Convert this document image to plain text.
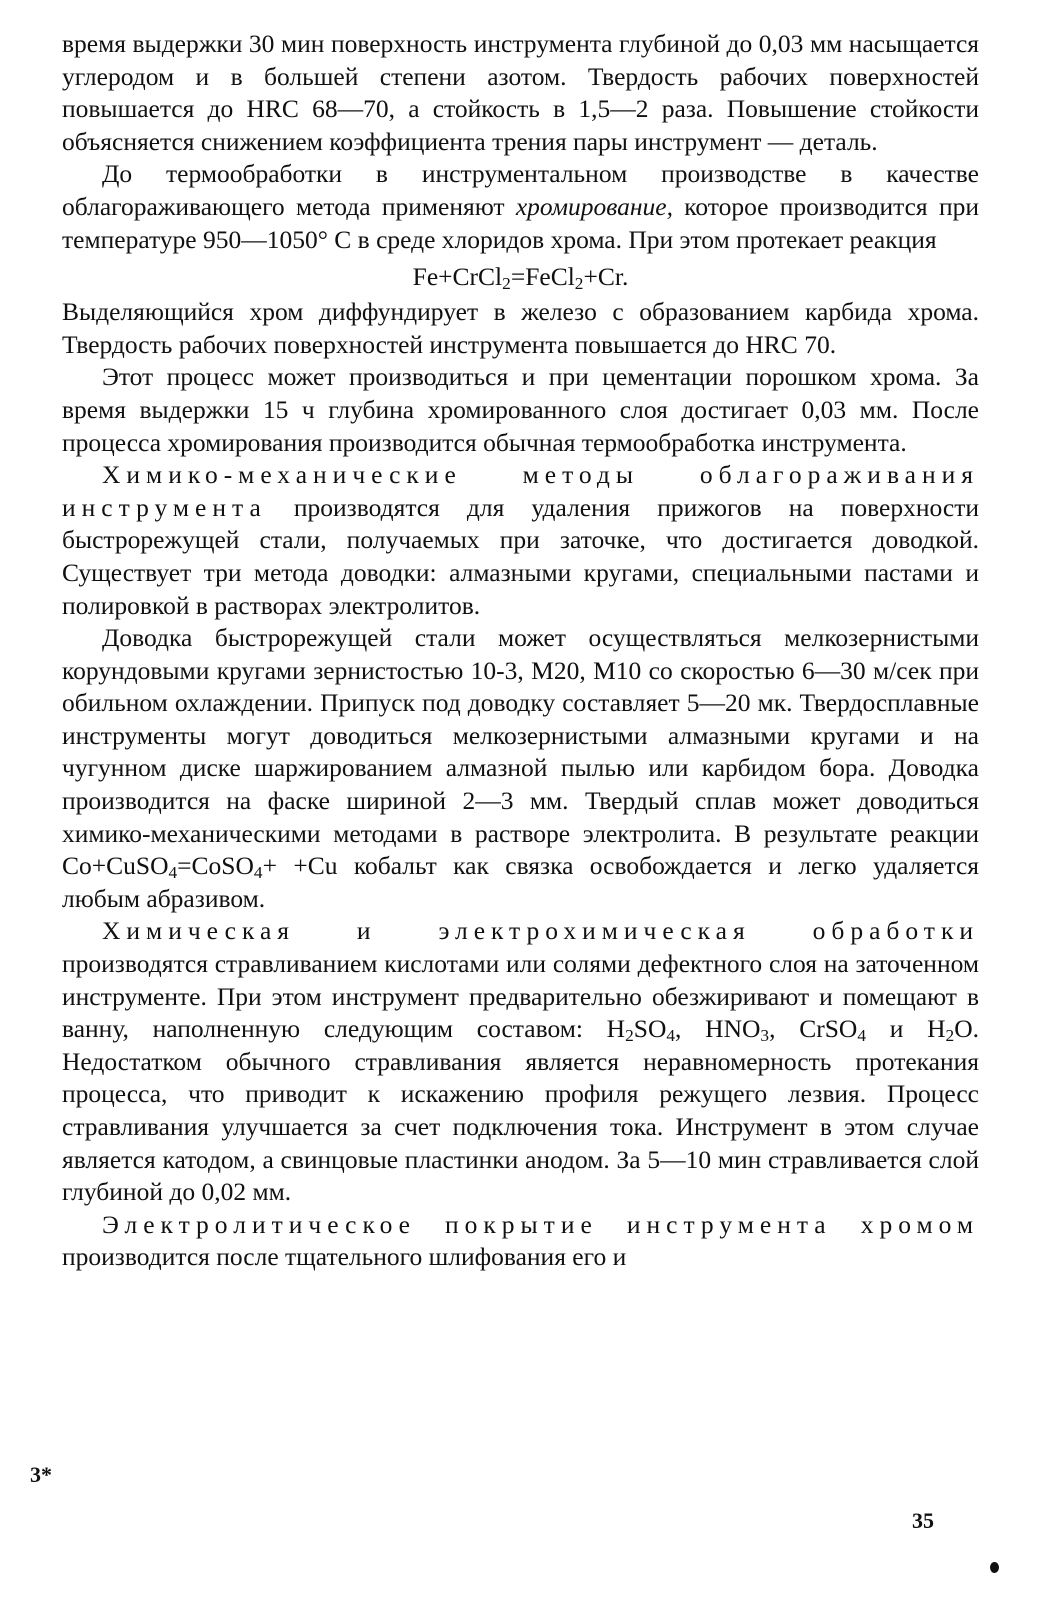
время выдержки 30 мин поверхность инструмента глубиной до 0,03 мм насыщается углеродом и в большей степени азотом. Твердость рабочих поверхностей повышается до HRC 68—70, а стойкость в 1,5—2 раза. Повышение стойкости объясняется снижением коэффициента трения пары инструмент — деталь.

До термообработки в инструментальном производстве в качестве облагораживающего метода применяют хромирование, которое производится при температуре 950—1050° С в среде хлоридов хрома. При этом протекает реакция

Fe+CrCl$_2$=FeCl$_2$+Cr.

Выделяющийся хром диффундирует в железо с образованием карбида хрома. Твердость рабочих поверхностей инструмента повышается до HRC 70.

Этот процесс может производиться и при цементации порошком хрома. За время выдержки 15 ч глубина хромированного слоя достигает 0,03 мм. После процесса хромирования производится обычная термообработка инструмента.

Химико-механические методы облагораживания инструмента производятся для удаления прижогов на поверхности быстрорежущей стали, получаемых при заточке, что достигается доводкой. Существует три метода доводки: алмазными кругами, специальными пастами и полировкой в растворах электролитов.

Доводка быстрорежущей стали может осуществляться мелкозернистыми корундовыми кругами зернистостью 10-3, М20, М10 со скоростью 6—30 м/сек при обильном охлаждении. Припуск под доводку составляет 5—20 мк. Твердосплавные инструменты могут доводиться мелкозернистыми алмазными кругами и на чугунном диске шаржированием алмазной пылью или карбидом бора. Доводка производится на фаске шириной 2—3 мм. Твердый сплав может доводиться химико-механическими методами в растворе электролита. В результате реакции Co+CuSO$_4$=CoSO$_4$+ +Cu кобальт как связка освобождается и легко удаляется любым абразивом.

Химическая и электрохимическая обработки производятся стравливанием кислотами или солями дефектного слоя на заточенном инструменте. При этом инструмент предварительно обезжиривают и помещают в ванну, наполненную следующим составом: $H_2SO_4$, $HNO_3$, CrSO$_4$ и $H_2O$. Недостатком обычного стравливания является неравномерность протекания процесса, что приводит к искажению профиля режущего лезвия. Процесс стравливания улучшается за счет подключения тока. Инструмент в этом случае является катодом, а свинцовые пластинки анодом. За 5—10 мин стравливается слой глубиной до 0,02 мм.

Электролитическое покрытие инструмента хромом производится после тщательного шлифования его и

3*
35
